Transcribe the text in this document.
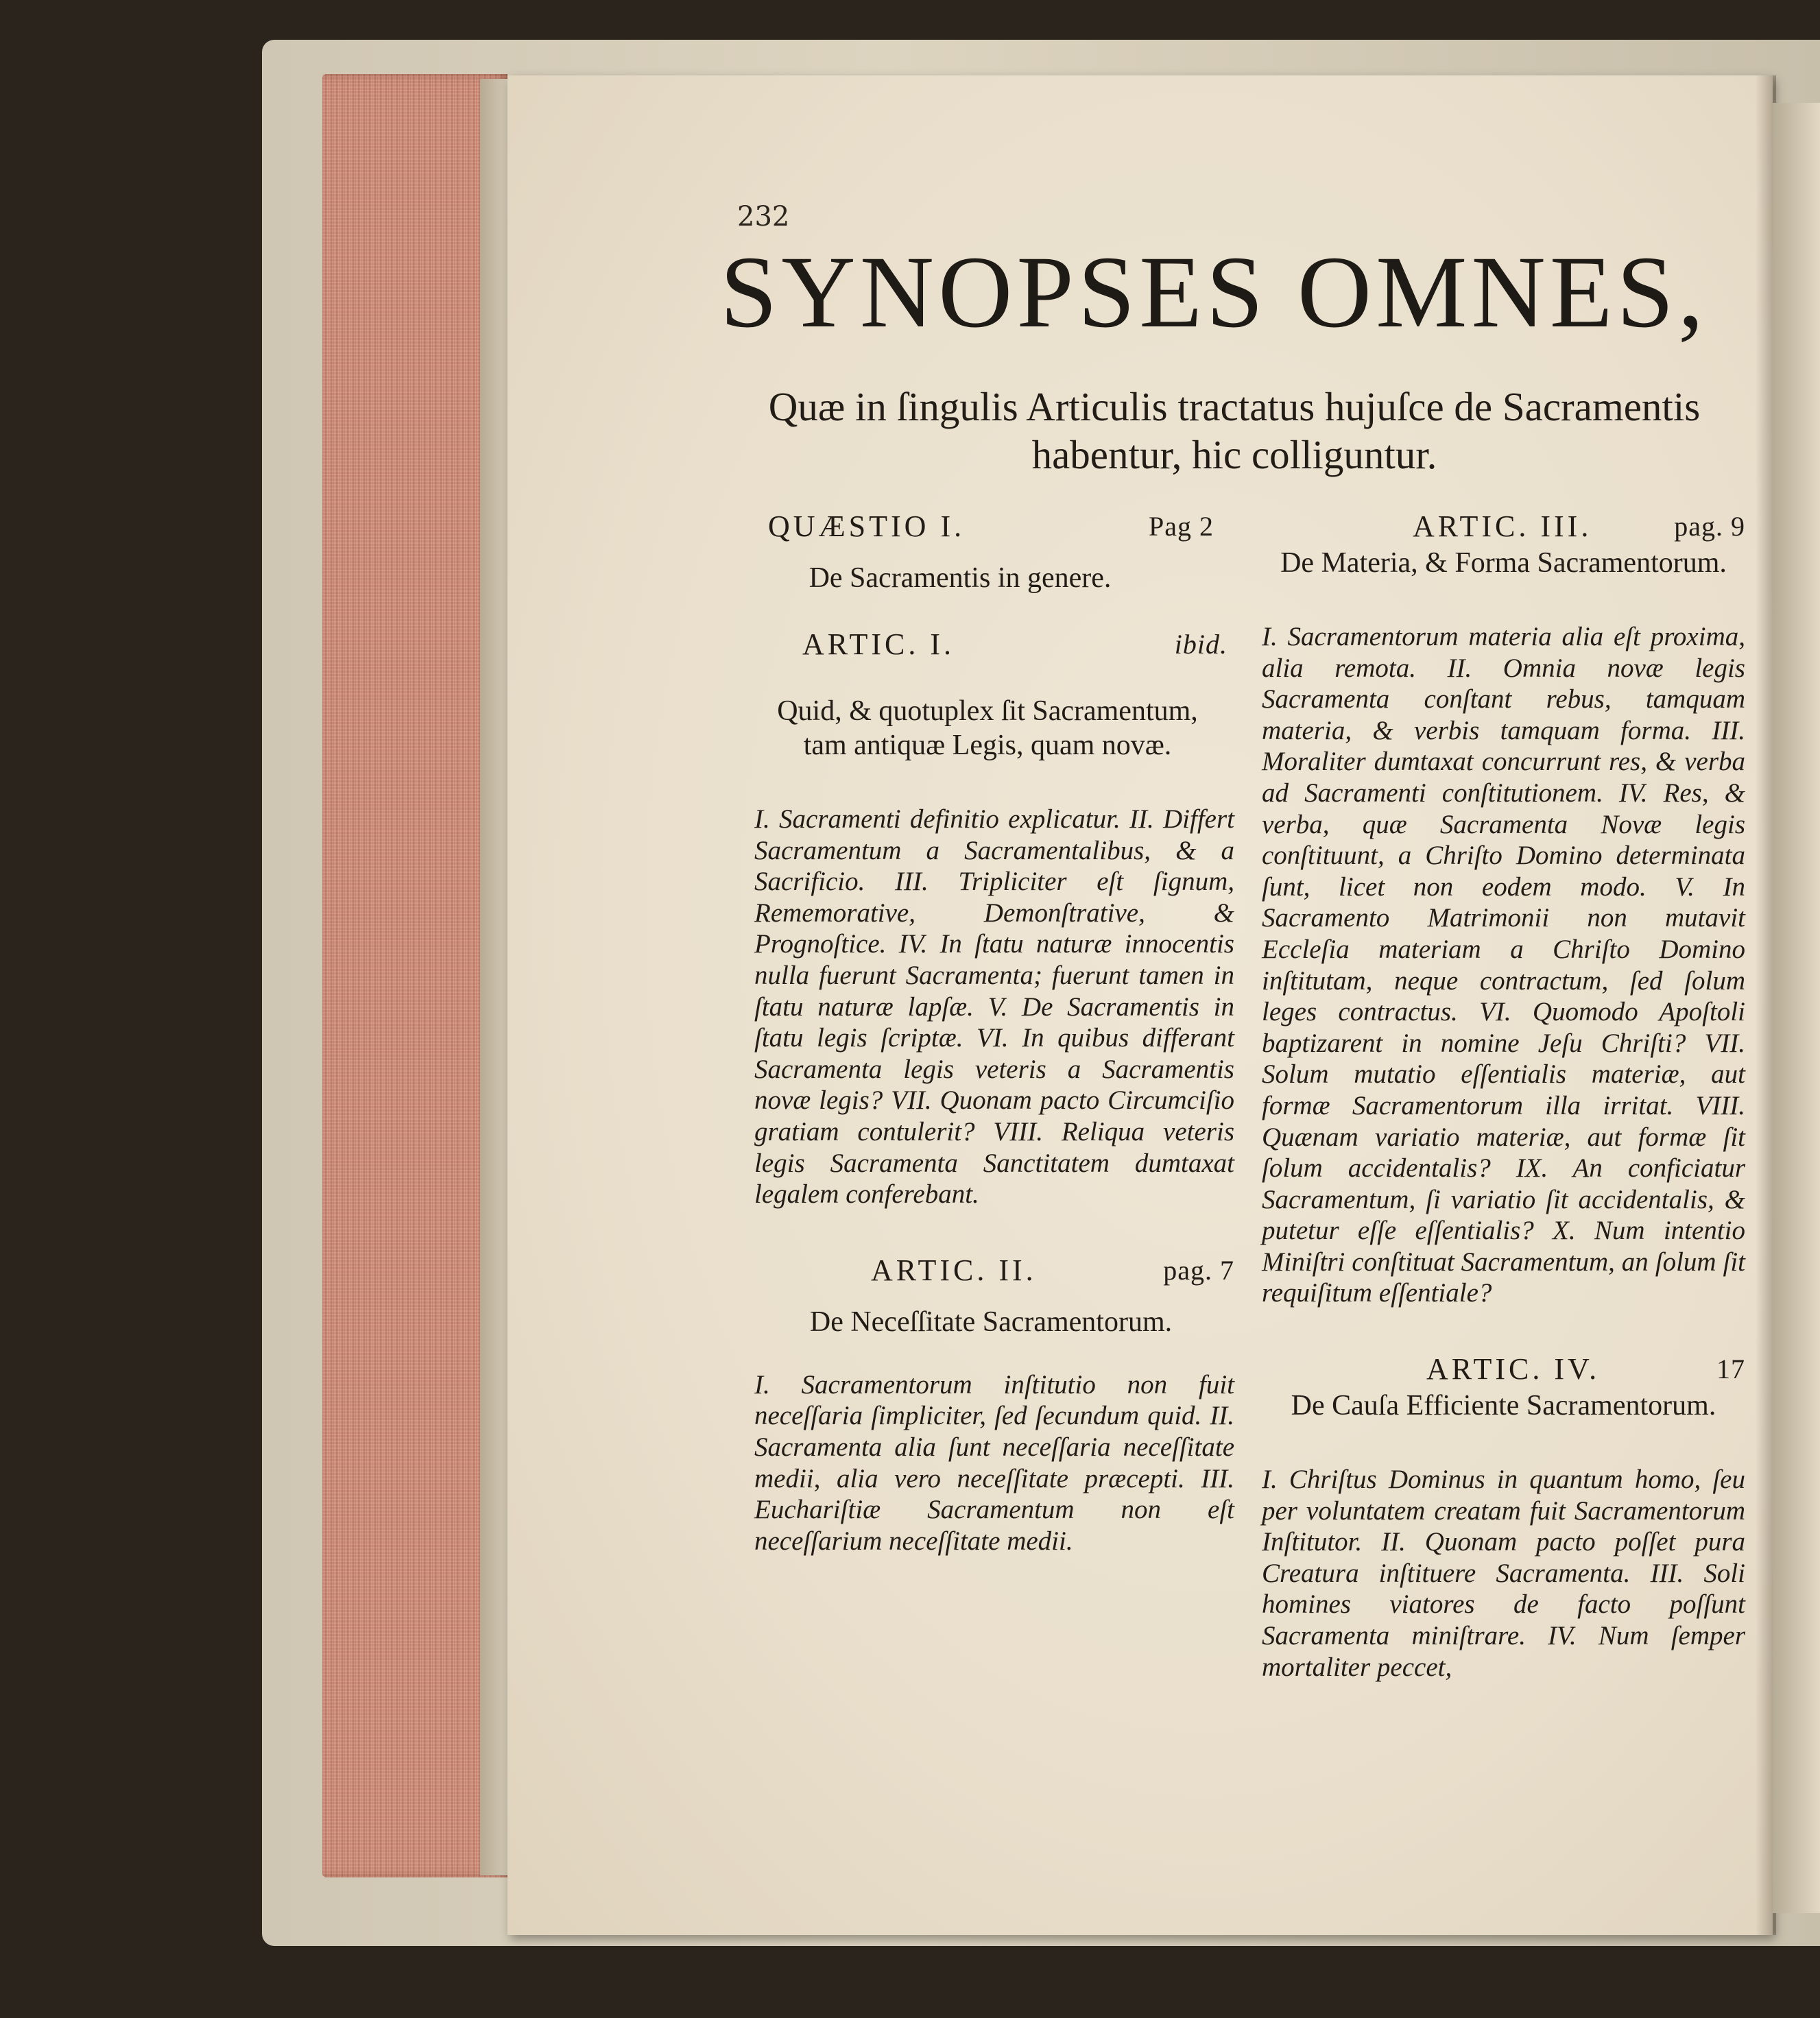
232
SYNOPSES OMNES,
Quæ in ſingulis Articulis tractatus hujuſce de Sacramentis habentur, hic colliguntur.
QUÆSTIO I.	Pag 2
De Sacramentis in genere.
ARTIC. I.	ibid.
Quid, & quotuplex ſit Sacramentum, tam antiquæ Legis, quam novæ.
I. Sacramenti definitio explicatur. II. Differt Sacramentum a Sacramentalibus, & a Sacrificio. III. Tripliciter eſt ſignum, Rememorative, Demonſtrative, & Prognoſtice. IV. In ſtatu naturæ innocentis nulla fuerunt Sacramenta; fuerunt tamen in ſtatu naturæ lapſæ. V. De Sacramentis in ſtatu legis ſcriptæ. VI. In quibus differant Sacramenta legis veteris a Sacramentis novæ legis? VII. Quonam pacto Circumciſio gratiam contulerit? VIII. Reliqua veteris legis Sacramenta Sanctitatem dumtaxat legalem conferebant.
ARTIC. II.	pag. 7
De Neceſſitate Sacramentorum.
I. Sacramentorum inſtitutio non fuit neceſſaria ſimpliciter, ſed ſecundum quid. II. Sacramenta alia ſunt neceſſaria neceſſitate medii, alia vero neceſſitate præcepti. III. Euchariſtiæ Sacramentum non eſt neceſſarium neceſſitate medii.
ARTIC. III.	pag. 9
De Materia, & Forma Sacramentorum.
I. Sacramentorum materia alia eſt proxima, alia remota. II. Omnia novæ legis Sacramenta conſtant rebus, tamquam materia, & verbis tamquam forma. III. Moraliter dumtaxat concurrunt res, & verba ad Sacramenti conſtitutionem. IV. Res, & verba, quæ Sacramenta Novæ legis conſtituunt, a Chriſto Domino determinata ſunt, licet non eodem modo. V. In Sacramento Matrimonii non mutavit Eccleſia materiam a Chriſto Domino inſtitutam, neque contractum, ſed ſolum leges contractus. VI. Quomodo Apoſtoli baptizarent in nomine Jeſu Chriſti? VII. Solum mutatio eſſentialis materiæ, aut formæ Sacramentorum illa irritat. VIII. Quænam variatio materiæ, aut formæ ſit ſolum accidentalis? IX. An conficiatur Sacramentum, ſi variatio ſit accidentalis, & putetur eſſe eſſentialis? X. Num intentio Miniſtri conſtituat Sacramentum, an ſolum ſit requiſitum eſſentiale?
ARTIC. IV.	17
De Cauſa Efficiente Sacramentorum.
I. Chriſtus Dominus in quantum homo, ſeu per voluntatem creatam fuit Sacramentorum Inſtitutor. II. Quonam pacto poſſet pura Creatura inſtituere Sacramenta. III. Soli homines viatores de facto poſſunt Sacramenta miniſtrare. IV. Num ſemper mortaliter peccet,
